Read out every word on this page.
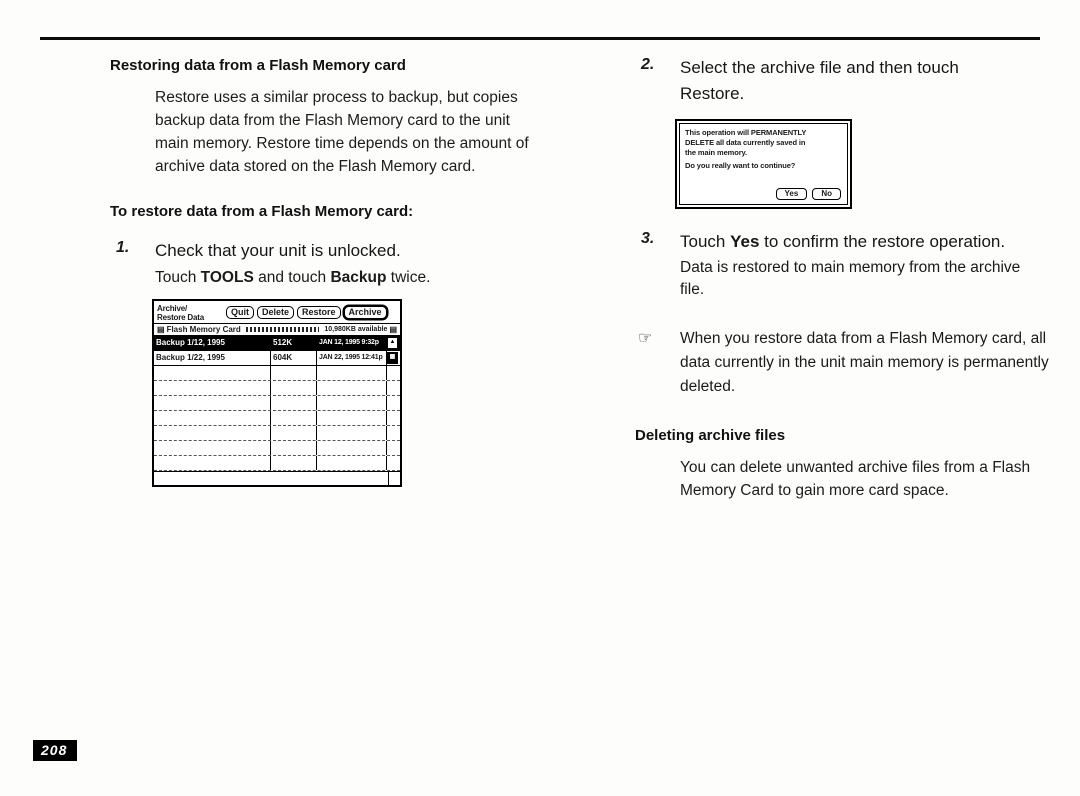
Restoring data from a Flash Memory card

Restore uses a similar process to backup, but copies backup data from the Flash Memory card to the unit main memory. Restore time depends on the amount of archive data stored on the Flash Memory card.

To restore data from a Flash Memory card:
1. Check that your unit is unlocked.
Touch TOOLS and touch Backup twice.
Archive/
Restore Data	Quit	Delete	Restore	Archive
▤ Flash Memory Card	10,980KB available ▤
Backup 1/12, 1995	512K	JAN 12, 1995 9:32p	▲
Backup 1/22, 1995	604K	JAN 22, 1995 12:41p	▦
2. Select the archive file and then touch
Restore.
This operation will PERMANENTLY
DELETE all data currently saved in
the main memory.
Do you really want to continue?
Yes	No
3. Touch Yes to confirm the restore operation.
Data is restored to main memory from the archive file.
☞ When you restore data from a Flash Memory card, all data currently in the unit main memory is permanently deleted.
Deleting archive files

You can delete unwanted archive files from a Flash Memory Card to gain more card space.

208
